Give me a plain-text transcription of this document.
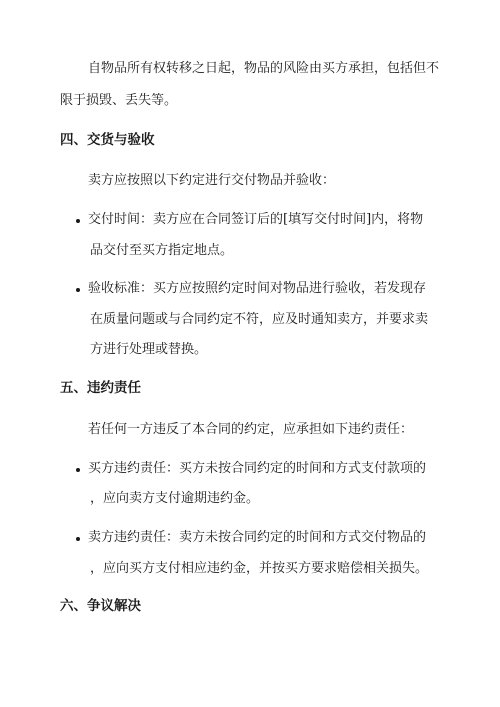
自物品所有权转移之日起，物品的风险由买方承担，包括但不
限于损毁、丢失等。
四、交货与验收
卖方应按照以下约定进行交付物品并验收：
交付时间：卖方应在合同签订后的[填写交付时间]内，将物
品交付至买方指定地点。
验收标准：买方应按照约定时间对物品进行验收，若发现存
在质量问题或与合同约定不符，应及时通知卖方，并要求卖
方进行处理或替换。
五、违约责任
若任何一方违反了本合同的约定，应承担如下违约责任：
买方违约责任：买方未按合同约定的时间和方式支付款项的
，应向卖方支付逾期违约金。
卖方违约责任：卖方未按合同约定的时间和方式交付物品的
，应向买方支付相应违约金，并按买方要求赔偿相关损失。
六、争议解决
